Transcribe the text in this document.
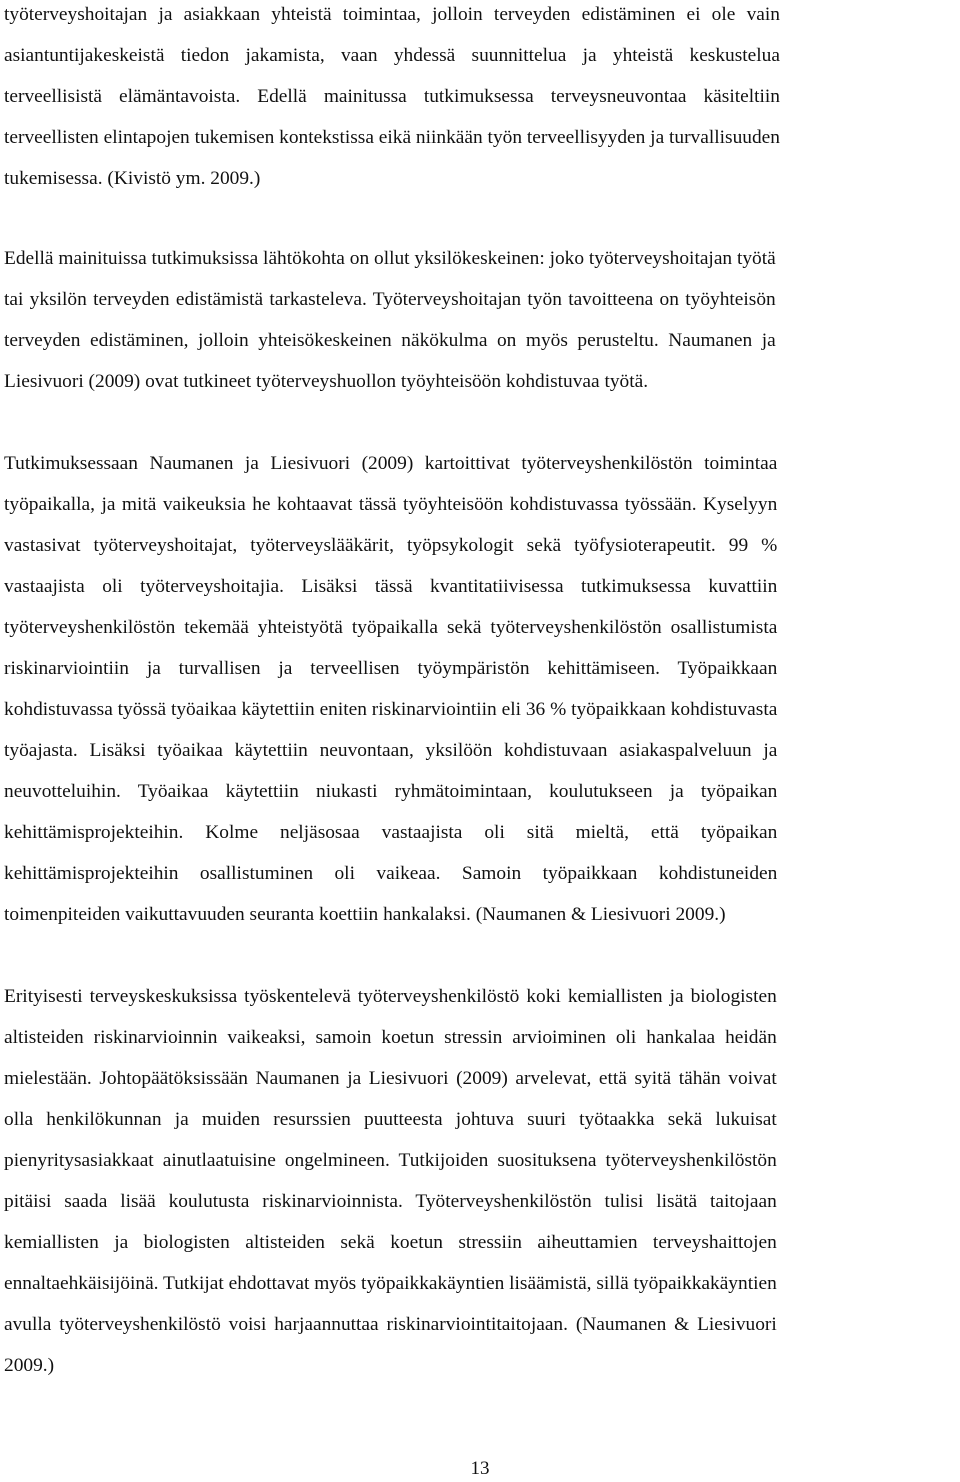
työterveyshoitajan ja asiakkaan yhteistä toimintaa, jolloin terveyden edistäminen ei ole vain
asiantuntijakeskeistä tiedon jakamista, vaan yhdessä suunnittelua ja yhteistä keskustelua
terveellisistä elämäntavoista. Edellä mainitussa tutkimuksessa terveysneuvontaa käsiteltiin
terveellisten elintapojen tukemisen kontekstissa eikä niinkään työn terveellisyyden ja turvallisuuden
tukemisessa. (Kivistö ym. 2009.)
Edellä mainituissa tutkimuksissa lähtökohta on ollut yksilökeskeinen: joko työterveyshoitajan työtä
tai yksilön terveyden edistämistä tarkasteleva. Työterveyshoitajan työn tavoitteena on työyhteisön
terveyden edistäminen, jolloin yhteisökeskeinen näkökulma on myös perusteltu. Naumanen ja
Liesivuori (2009) ovat tutkineet työterveyshuollon työyhteisöön kohdistuvaa työtä.
Tutkimuksessaan Naumanen ja Liesivuori (2009) kartoittivat työterveyshenkilöstön toimintaa
työpaikalla, ja mitä vaikeuksia he kohtaavat tässä työyhteisöön kohdistuvassa työssään. Kyselyyn
vastasivat työterveyshoitajat, työterveyslääkärit, työpsykologit sekä työfysioterapeutit. 99 %
vastaajista oli työterveyshoitajia. Lisäksi tässä kvantitatiivisessa tutkimuksessa kuvattiin
työterveyshenkilöstön tekemää yhteistyötä työpaikalla sekä työterveyshenkilöstön osallistumista
riskinarviointiin ja turvallisen ja terveellisen työympäristön kehittämiseen. Työpaikkaan
kohdistuvassa työssä työaikaa käytettiin eniten riskinarviointiin eli 36 % työpaikkaan kohdistuvasta
työajasta. Lisäksi työaikaa käytettiin neuvontaan, yksilöön kohdistuvaan asiakaspalveluun ja
neuvotteluihin. Työaikaa käytettiin niukasti ryhmätoimintaan, koulutukseen ja työpaikan
kehittämisprojekteihin. Kolme neljäsosaa vastaajista oli sitä mieltä, että työpaikan
kehittämisprojekteihin osallistuminen oli vaikeaa. Samoin työpaikkaan kohdistuneiden
toimenpiteiden vaikuttavuuden seuranta koettiin hankalaksi. (Naumanen & Liesivuori 2009.)
Erityisesti terveyskeskuksissa työskentelevä työterveyshenkilöstö koki kemiallisten ja biologisten
altisteiden riskinarvioinnin vaikeaksi, samoin koetun stressin arvioiminen oli hankalaa heidän
mielestään. Johtopäätöksissään Naumanen ja Liesivuori (2009) arvelevat, että syitä tähän voivat
olla henkilökunnan ja muiden resurssien puutteesta johtuva suuri työtaakka sekä lukuisat
pienyritysasiakkaat ainutlaatuisine ongelmineen. Tutkijoiden suosituksena työterveyshenkilöstön
pitäisi saada lisää koulutusta riskinarvioinnista. Työterveyshenkilöstön tulisi lisätä taitojaan
kemiallisten ja biologisten altisteiden sekä koetun stressiin aiheuttamien terveyshaittojen
ennaltaehkäisijöinä. Tutkijat ehdottavat myös työpaikkakäyntien lisäämistä, sillä työpaikkakäyntien
avulla työterveyshenkilöstö voisi harjaannuttaa riskinarviointitaitojaan. (Naumanen & Liesivuori
2009.)
13
